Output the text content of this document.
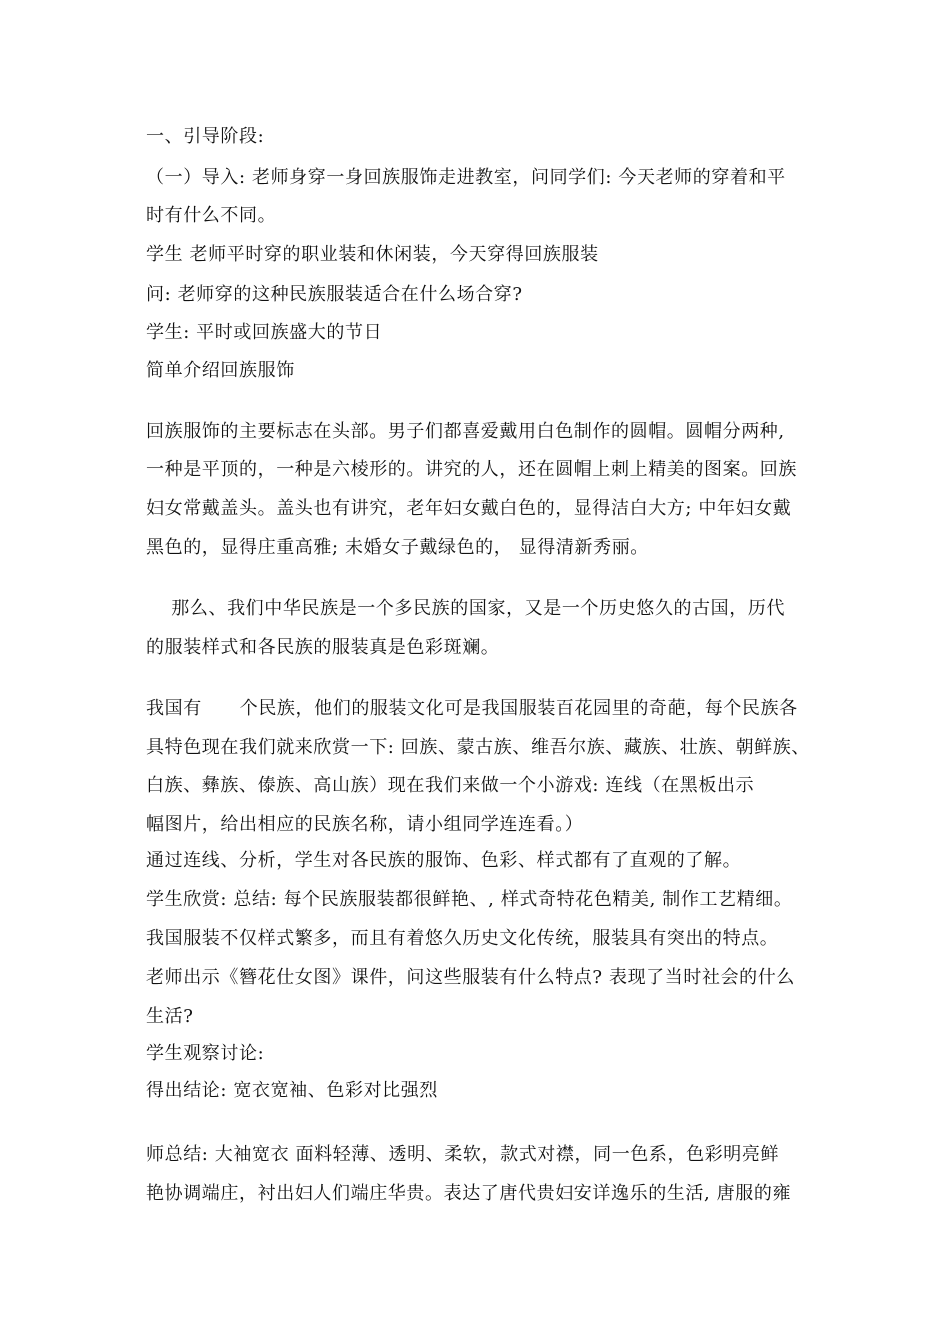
一、引导阶段:
（一）导入: 老师身穿一身回族服饰走进教室，问同学们: 今天老师的穿着和平
时有什么不同。
学生 老师平时穿的职业装和休闲装，今天穿得回族服装
问: 老师穿的这种民族服装适合在什么场合穿?
学生: 平时或回族盛大的节日
简单介绍回族服饰
回族服饰的主要标志在头部。男子们都喜爱戴用白色制作的圆帽。圆帽分两种,
一种是平顶的，一种是六棱形的。讲究的人，还在圆帽上刺上精美的图案。回族
妇女常戴盖头。盖头也有讲究，老年妇女戴白色的，显得洁白大方; 中年妇女戴
黑色的，显得庄重高雅; 未婚女子戴绿色的， 显得清新秀丽。
那么、我们中华民族是一个多民族的国家，又是一个历史悠久的古国，历代
的服装样式和各民族的服装真是色彩斑斓。
我国有      个民族，他们的服装文化可是我国服装百花园里的奇葩，每个民族各
具特色现在我们就来欣赏一下: 回族、蒙古族、维吾尔族、藏族、壮族、朝鲜族、
白族、彝族、傣族、高山族）现在我们来做一个小游戏: 连线（在黑板出示
幅图片，给出相应的民族名称，请小组同学连连看。）
通过连线、分析，学生对各民族的服饰、色彩、样式都有了直观的了解。
学生欣赏: 总结: 每个民族服装都很鲜艳、, 样式奇特花色精美, 制作工艺精细。
我国服装不仅样式繁多，而且有着悠久历史文化传统，服装具有突出的特点。
老师出示《簪花仕女图》课件，问这些服装有什么特点? 表现了当时社会的什么
生活?
学生观察讨论:
得出结论: 宽衣宽袖、色彩对比强烈
师总结: 大袖宽衣 面料轻薄、透明、柔软，款式对襟，同一色系，色彩明亮鲜
艳协调端庄，衬出妇人们端庄华贵。表达了唐代贵妇安详逸乐的生活, 唐服的雍
